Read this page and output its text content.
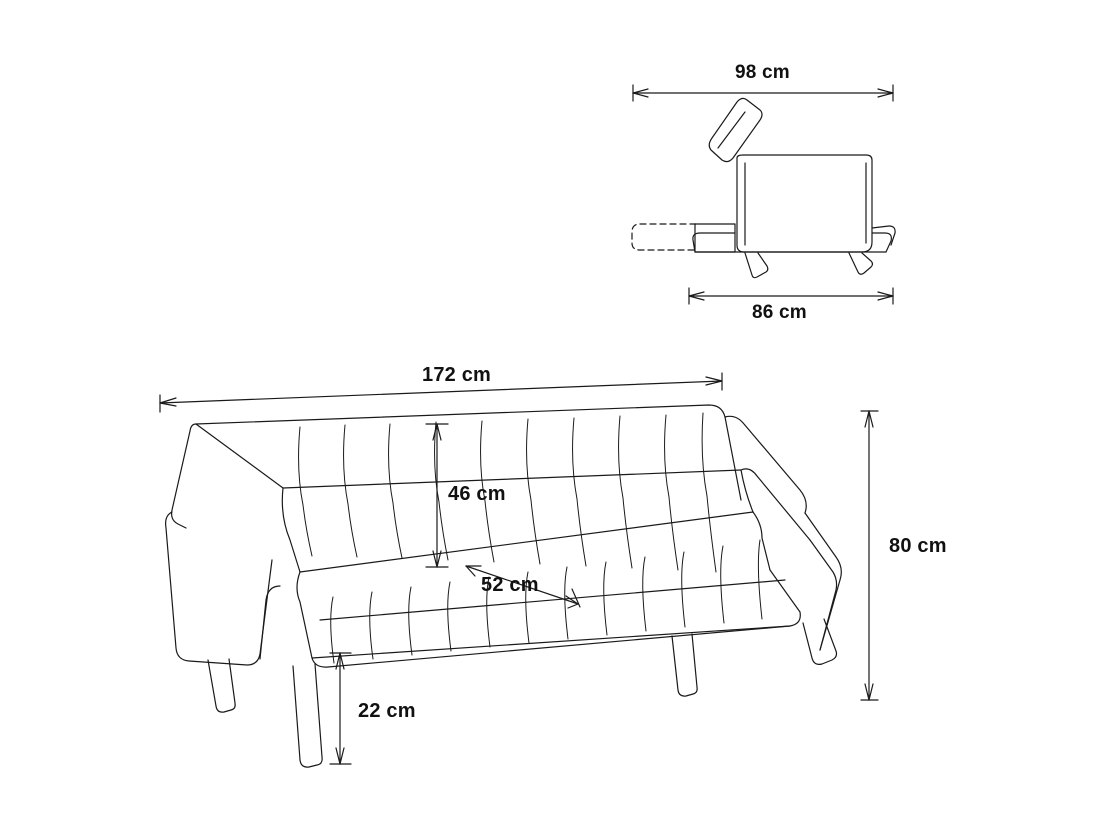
98 cm
86 cm
172 cm
46 cm
52 cm
80 cm
22 cm
